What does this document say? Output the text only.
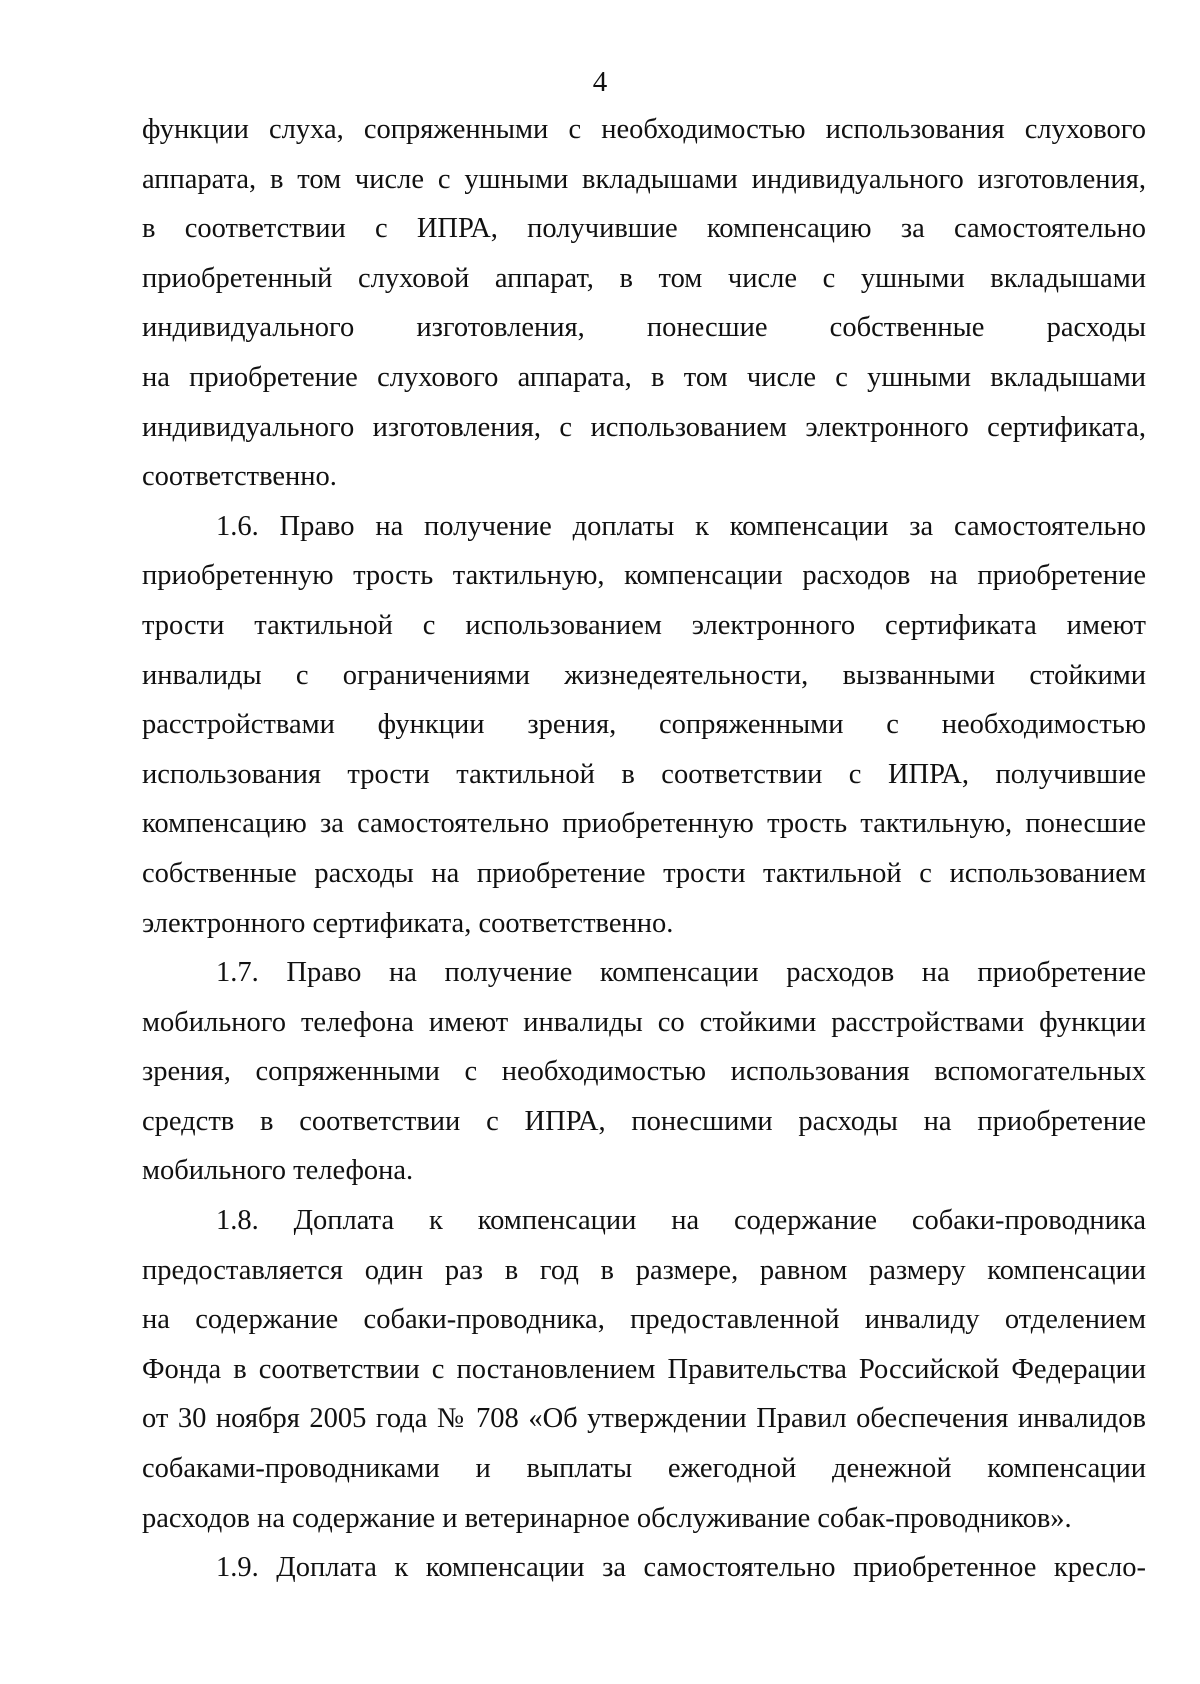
4
функции слуха, сопряженными с необходимостью использования слухового
аппарата, в том числе с ушными вкладышами индивидуального изготовления,
в соответствии с ИПРА, получившие компенсацию за самостоятельно
приобретенный слуховой аппарат, в том числе с ушными вкладышами
индивидуального изготовления, понесшие собственные расходы
на приобретение слухового аппарата, в том числе с ушными вкладышами
индивидуального изготовления, с использованием электронного сертификата,
соответственно.
1.6. Право на получение доплаты к компенсации за самостоятельно
приобретенную трость тактильную, компенсации расходов на приобретение
трости тактильной с использованием электронного сертификата имеют
инвалиды с ограничениями жизнедеятельности, вызванными стойкими
расстройствами функции зрения, сопряженными с необходимостью
использования трости тактильной в соответствии с ИПРА, получившие
компенсацию за самостоятельно приобретенную трость тактильную, понесшие
собственные расходы на приобретение трости тактильной с использованием
электронного сертификата, соответственно.
1.7. Право на получение компенсации расходов на приобретение
мобильного телефона имеют инвалиды со стойкими расстройствами функции
зрения, сопряженными с необходимостью использования вспомогательных
средств в соответствии с ИПРА, понесшими расходы на приобретение
мобильного телефона.
1.8. Доплата к компенсации на содержание собаки-проводника
предоставляется один раз в год в размере, равном размеру компенсации
на содержание собаки-проводника, предоставленной инвалиду отделением
Фонда в соответствии с постановлением Правительства Российской Федерации
от 30 ноября 2005 года № 708 «Об утверждении Правил обеспечения инвалидов
собаками-проводниками и выплаты ежегодной денежной компенсации
расходов на содержание и ветеринарное обслуживание собак-проводников».
1.9. Доплата к компенсации за самостоятельно приобретенное кресло-
